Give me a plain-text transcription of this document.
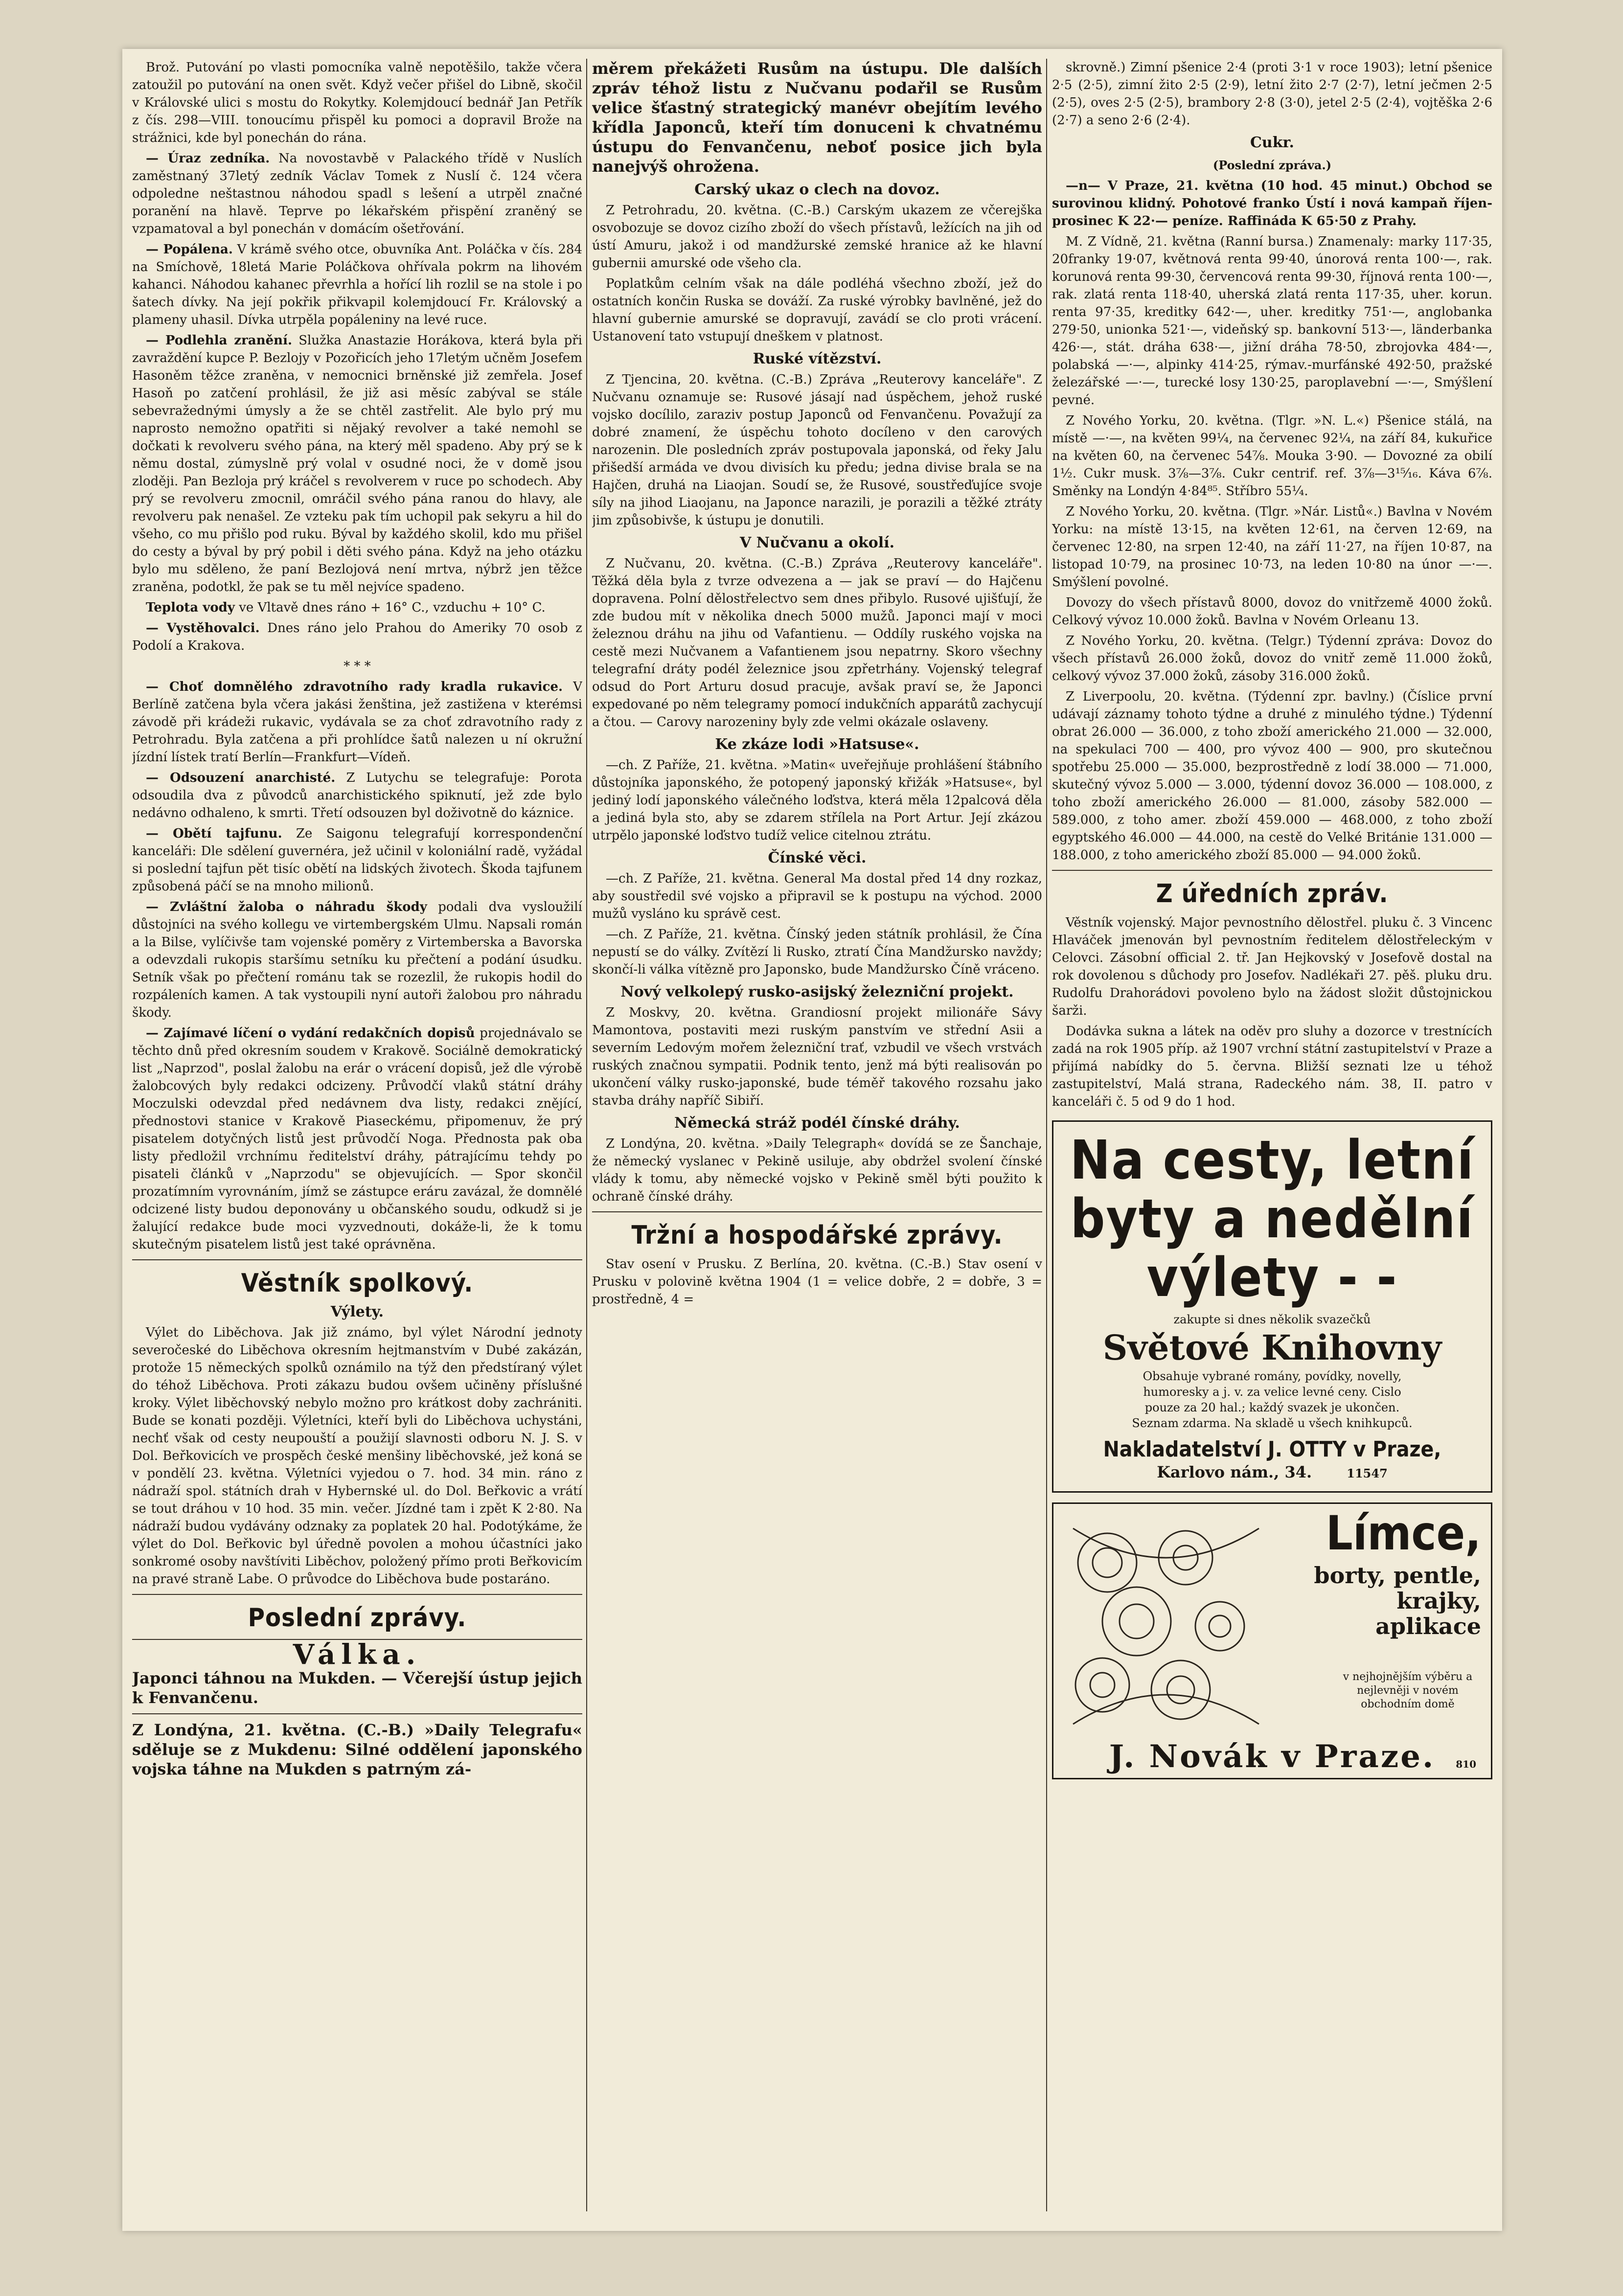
Brož. Putování po vlasti pomocníka valně nepotěšilo, takže včera zatoužil po putování na onen svět. Když večer přišel do Libně, skočil v Královské ulici s mostu do Rokytky. Kolemjdoucí bednář Jan Petřík z čís. 298—VIII. tonoucímu přispěl ku pomoci a dopravil Brože na strážnici, kde byl ponechán do rána.

— Úraz zedníka. Na novostavbě v Palackého třídě v Nuslích zaměstnaný 37letý zedník Václav Tomek z Nuslí č. 124 včera odpoledne neštastnou náhodou spadl s lešení a utrpěl značné poranění na hlavě. Teprve po lékařském přispění zraněný se vzpamatoval a byl ponechán v domácím ošetřování.

— Popálena. V krámě svého otce, obuvníka Ant. Poláčka v čís. 284 na Smíchově, 18letá Marie Poláčkova ohřívala pokrm na lihovém kahanci. Náhodou kahanec převrhla a hořící lih rozlil se na stole i po šatech dívky. Na její pokřik přikvapil kolemjdoucí Fr. Královský a plameny uhasil. Dívka utrpěla popáleniny na levé ruce.

— Podlehla zranění. Služka Anastazie Horákova, která byla při zavraždění kupce P. Bezlojy v Pozořicích jeho 17letým učněm Josefem Hasoněm těžce zraněna, v nemocnici brněnské již zemřela. Josef Hasoň po zatčení prohlásil, že již asi měsíc zabýval se stále sebevražednými úmysly a že se chtěl zastřelit. Ale bylo prý mu naprosto nemožno opatřiti si nějaký revolver a také nemohl se dočkati k revolveru svého pána, na který měl spadeno. Aby prý se k němu dostal, zúmyslně prý volal v osudné noci, že v domě jsou zloději. Pan Bezloja prý kráčel s revolverem v ruce po schodech. Aby prý se revolveru zmocnil, omráčil svého pána ranou do hlavy, ale revolveru pak nenašel. Ze vzteku pak tím uchopil pak sekyru a hil do všeho, co mu přišlo pod ruku. Býval by každého skolil, kdo mu přišel do cesty a býval by prý pobil i děti svého pána. Když na jeho otázku bylo mu sděleno, že paní Bezlojová není mrtva, nýbrž jen těžce zraněna, podotkl, že pak se tu měl nejvíce spadeno.

Teplota vody ve Vltavě dnes ráno + 16° C., vzduchu + 10° C.

— Vystěhovalci. Dnes ráno jelo Prahou do Ameriky 70 osob z Podolí a Krakova.

* * *

— Choť domnělého zdravotního rady kradla rukavice. V Berlíně zatčena byla včera jakási ženština, jež zastižena v kterémsi závodě při krádeži rukavic, vydávala se za choť zdravotního rady z Petrohradu. Byla zatčena a při prohlídce šatů nalezen u ní okružní jízdní lístek tratí Berlín—Frankfurt—Vídeň.

— Odsouzení anarchisté. Z Lutychu se telegrafuje: Porota odsoudila dva z původců anarchistického spiknutí, jež zde bylo nedávno odhaleno, k smrti. Třetí odsouzen byl doživotně do káznice.

— Obětí tajfunu. Ze Saigonu telegrafují korrespondenční kanceláři: Dle sdělení guvernéra, jež učinil v koloniální radě, vyžádal si poslední tajfun pět tisíc obětí na lidských životech. Škoda tajfunem způsobená páčí se na mnoho milionů.

— Zvláštní žaloba o náhradu škody podali dva vysloužilí důstojníci na svého kollegu ve virtembergském Ulmu. Napsali román a la Bilse, vylíčivše tam vojenské poměry z Virtemberska a Bavorska a odevzdali rukopis staršímu setníku ku přečtení a podání úsudku. Setník však po přečtení románu tak se rozezlil, že rukopis hodil do rozpáleních kamen. A tak vystoupili nyní autoři žalobou pro náhradu škody.

— Zajímavé líčení o vydání redakčních dopisů projednávalo se těchto dnů před okresním soudem v Krakově. Sociálně demokratický list „Naprzod", poslal žalobu na erár o vrácení dopisů, jež dle výrobě žalobcových byly redakci odcizeny. Průvodčí vlaků státní dráhy Moczulski odevzdal před nedávnem dva listy, redakci znějící, přednostovi stanice v Krakově Piaseckému, připomenuv, že prý pisatelem dotyčných listů jest průvodčí Noga. Přednosta pak oba listy předložil vrchnímu ředitelství dráhy, pátrajícímu tehdy po pisateli článků v „Naprzodu" se objevujících. — Spor skončil prozatímním vyrovnáním, jímž se zástupce eráru zavázal, že domnělé odcizené listy budou deponovány u občanského soudu, odkudž si je žalující redakce bude moci vyzvednouti, dokáže-li, že k tomu skutečným pisatelem listů jest také oprávněna.

Věstník spolkový.
Výlety.

Výlet do Liběchova. Jak již známo, byl výlet Národní jednoty severočeské do Liběchova okresním hejtmanstvím v Dubé zakázán, protože 15 německých spolků oznámilo na týž den předstíraný výlet do téhož Liběchova. Proti zákazu budou ovšem učiněny příslušné kroky. Výlet liběchovský nebylo možno pro krátkost doby zachrániti. Bude se konati později. Výletníci, kteří byli do Liběchova uchystáni, nechť však od cesty neupouští a použijí slavnosti odboru N. J. S. v Dol. Beřkovicích ve prospěch české menšiny liběchovské, jež koná se v pondělí 23. května. Výletníci vyjedou o 7. hod. 34 min. ráno z nádraží spol. státních drah v Hybernské ul. do Dol. Beřkovic a vrátí se tout dráhou v 10 hod. 35 min. večer. Jízdné tam i zpět K 2·80. Na nádraží budou vydávány odznaky za poplatek 20 hal. Podotýkáme, že výlet do Dol. Beřkovic byl úředně povolen a mohou účastníci jako sonkromé osoby navštíviti Liběchov, položený přímo proti Beřkovicím na pravé straně Labe. O průvodce do Liběchova bude postaráno.

Poslední zprávy.
Válka.
Japonci táhnou na Mukden. — Včerejší ústup jejich k Fenvančenu.
Z Londýna, 21. května. (C.-B.) »Daily Telegrafu« sděluje se z Mukdenu: Silné oddělení japonského vojska táhne na Mukden s patrným zá-
měrem překážeti Rusům na ústupu. Dle dalších zpráv téhož listu z Nučvanu podařil se Rusům velice šťastný strategický manévr obejítím levého křídla Japonců, kteří tím donuceni k chvatnému ústupu do Fenvančenu, neboť posice jich byla nanejvýš ohrožena.
Carský ukaz o clech na dovoz.

Z Petrohradu, 20. května. (C.-B.) Carským ukazem ze včerejška osvobozuje se dovoz cizího zboží do všech přístavů, ležících na jih od ústí Amuru, jakož i od mandžurské zemské hranice až ke hlavní gubernii amurské ode všeho cla.

Poplatkům celním však na dále podléhá všechno zboží, jež do ostatních končin Ruska se dováží. Za ruské výrobky bavlněné, jež do hlavní gubernie amurské se dopravují, zavádí se clo proti vrácení. Ustanovení tato vstupují dneškem v platnost.

Ruské vítězství.

Z Tjencina, 20. května. (C.-B.) Zpráva „Reuterovy kanceláře". Z Nučvanu oznamuje se: Rusové jásají nad úspěchem, jehož ruské vojsko docílilo, zaraziv postup Japonců od Fenvančenu. Považují za dobré znamení, že úspěchu tohoto docíleno v den carových narozenin. Dle posledních zpráv postupovala japonská, od řeky Jalu přišedší armáda ve dvou divisích ku předu; jedna divise brala se na Hajčen, druhá na Liaojan. Soudí se, že Rusové, soustřeďujíce svoje síly na jihod Liaojanu, na Japonce narazili, je porazili a těžké ztráty jim způsobivše, k ústupu je donutili.

V Nučvanu a okolí.

Z Nučvanu, 20. května. (C.-B.) Zpráva „Reuterovy kanceláře". Těžká děla byla z tvrze odvezena a — jak se praví — do Hajčenu dopravena. Polní dělostřelectvo sem dnes přibylo. Rusové ujišťují, že zde budou mít v několika dnech 5000 mužů. Japonci mají v moci železnou dráhu na jihu od Vafantienu. — Oddíly ruského vojska na cestě mezi Nučvanem a Vafantienem jsou nepatrny. Skoro všechny telegrafní dráty podél železnice jsou zpřetrhány. Vojenský telegraf odsud do Port Arturu dosud pracuje, avšak praví se, že Japonci expedované po něm telegramy pomocí indukčních apparátů zachycují a čtou. — Carovy narozeniny byly zde velmi okázale oslaveny.

Ke zkáze lodi »Hatsuse«.

—ch. Z Paříže, 21. května. »Matin« uveřejňuje prohlášení štábního důstojníka japonského, že potopený japonský křižák »Hatsuse«, byl jediný lodí japonského válečného loďstva, která měla 12palcová děla a jediná byla sto, aby se zdarem střílela na Port Artur. Její zkázou utrpělo japonské loďstvo tudíž velice citelnou ztrátu.

Čínské věci.

—ch. Z Paříže, 21. května. General Ma dostal před 14 dny rozkaz, aby soustředil své vojsko a připravil se k postupu na východ. 2000 mužů vysláno ku správě cest.

—ch. Z Paříže, 21. května. Čínský jeden státník prohlásil, že Čína nepustí se do války. Zvítězí li Rusko, ztratí Čína Mandžursko navždy; skončí-li válka vítězně pro Japonsko, bude Mandžursko Číně vráceno.

Nový velkolepý rusko-asijský železniční projekt.

Z Moskvy, 20. května. Grandiosní projekt milionáře Sávy Mamontova, postaviti mezi ruským panstvím ve střední Asii a severním Ledovým mořem železniční trať, vzbudil ve všech vrstvách ruských značnou sympatii. Podnik tento, jenž má býti realisován po ukončení války rusko-japonské, bude téměř takového rozsahu jako stavba dráhy napříč Sibiří.

Německá stráž podél čínské dráhy.

Z Londýna, 20. května. »Daily Telegraph« dovídá se ze Šanchaje, že německý vyslanec v Pekině usiluje, aby obdržel svolení čínské vlády k tomu, aby německé vojsko v Pekině směl býti použito k ochraně čínské dráhy.

Tržní a hospodářské zprávy.

Stav osení v Prusku. Z Berlína, 20. května. (C.-B.) Stav osení v Prusku v polovině května 1904 (1 = velice dobře, 2 = dobře, 3 = prostředně, 4 =

skrovně.) Zimní pšenice 2·4 (proti 3·1 v roce 1903); letní pšenice 2·5 (2·5), zimní žito 2·5 (2·9), letní žito 2·7 (2·7), letní ječmen 2·5 (2·5), oves 2·5 (2·5), brambory 2·8 (3·0), jetel 2·5 (2·4), vojtěška 2·6 (2·7) a seno 2·6 (2·4).

Cukr.
(Poslední zpráva.)

—n— V Praze, 21. května (10 hod. 45 minut.) Obchod se surovinou klidný. Pohotové franko Ústí i nová kampaň říjen-prosinec K 22·— peníze. Raffináda K 65·50 z Prahy.

M. Z Vídně, 21. května (Ranní bursa.) Znamenaly: marky 117·35, 20franky 19·07, květnová renta 99·40, únorová renta 100·—, rak. korunová renta 99·30, červencová renta 99·30, říjnová renta 100·—, rak. zlatá renta 118·40, uherská zlatá renta 117·35, uher. korun. renta 97·35, kreditky 642·—, uher. kreditky 751·—, anglobanka 279·50, unionka 521·—, videňský sp. bankovní 513·—, länderbanka 426·—, stát. dráha 638·—, jižní dráha 78·50, zbrojovka 484·—, polabská —·—, alpinky 414·25, rýmav.-murfánské 492·50, pražské železářské —·—, turecké losy 130·25, paroplavební —·—, Smýšlení pevné.

Z Nového Yorku, 20. května. (Tlgr. »N. L.«) Pšenice stálá, na místě —·—, na květen 99¼, na červenec 92¼, na září 84, kukuřice na květen 60, na červenec 54⅞. Mouka 3·90. — Dovozné za obilí 1½. Cukr musk. 3⅞—3⅞. Cukr centrif. ref. 3⅞—3¹⁵⁄₁₆. Káva 6⅞. Směnky na Londýn 4·84⁸⁵. Stříbro 55¼.

Z Nového Yorku, 20. května. (Tlgr. »Nár. Listů«.) Bavlna v Novém Yorku: na místě 13·15, na květen 12·61, na červen 12·69, na červenec 12·80, na srpen 12·40, na září 11·27, na říjen 10·87, na listopad 10·79, na prosinec 10·73, na leden 10·80 na únor —·—. Smýšlení povolné.

Dovozy do všech přístavů 8000, dovoz do vnitřzemě 4000 žoků. Celkový vývoz 10.000 žoků. Bavlna v Novém Orleanu 13.

Z Nového Yorku, 20. května. (Telgr.) Týdenní zpráva: Dovoz do všech přístavů 26.000 žoků, dovoz do vnitř země 11.000 žoků, celkový vývoz 37.000 žoků, zásoby 316.000 žoků.

Z Liverpoolu, 20. května. (Týdenní zpr. bavlny.) (Číslice první udávají záznamy tohoto týdne a druhé z minulého týdne.) Týdenní obrat 26.000 — 36.000, z toho zboží amerického 21.000 — 32.000, na spekulaci 700 — 400, pro vývoz 400 — 900, pro skutečnou spotřebu 25.000 — 35.000, bezprostředně z lodí 38.000 — 71.000, skutečný vývoz 5.000 — 3.000, týdenní dovoz 36.000 — 108.000, z toho zboží amerického 26.000 — 81.000, zásoby 582.000 — 589.000, z toho amer. zboží 459.000 — 468.000, z toho zboží egyptského 46.000 — 44.000, na cestě do Velké Británie 131.000 — 188.000, z toho amerického zboží 85.000 — 94.000 žoků.

Z úředních zpráv.

Věstník vojenský. Major pevnostního dělostřel. pluku č. 3 Vincenc Hlaváček jmenován byl pevnostním ředitelem dělostřeleckým v Celovci. Zásobní official 2. tř. Jan Hejkovský v Josefově dostal na rok dovolenou s důchody pro Josefov. Nadlékaři 27. pěš. pluku dru. Rudolfu Drahorádovi povoleno bylo na žádost složit důstojnickou šarži.

Dodávka sukna a látek na oděv pro sluhy a dozorce v trestnících zadá na rok 1905 příp. až 1907 vrchní státní zastupitelství v Praze a přijímá nabídky do 5. června. Bližší seznati lze u téhož zastupitelství, Malá strana, Radeckého nám. 38, II. patro v kanceláři č. 5 od 9 do 1 hod.

Na cesty, letní byty a nedělní výlety - -
zakupte si dnes několik svazečků
Světové Knihovny
Obsahuje vybrané romány, povídky, novelly, humoresky a j. v. za velice levné ceny. Cislo pouze za 20 hal.; každý svazek je ukončen. Seznam zdarma. Na skladě u všech knihkupců.
Nakladatelství J. OTTY v Praze,
Karlovo nám., 34.	11547
Límce,
borty, pentle, krajky, aplikace
v nejhojnějším výběru a nejlevněji v novém obchodním domě
J. Novák v Praze.	810
